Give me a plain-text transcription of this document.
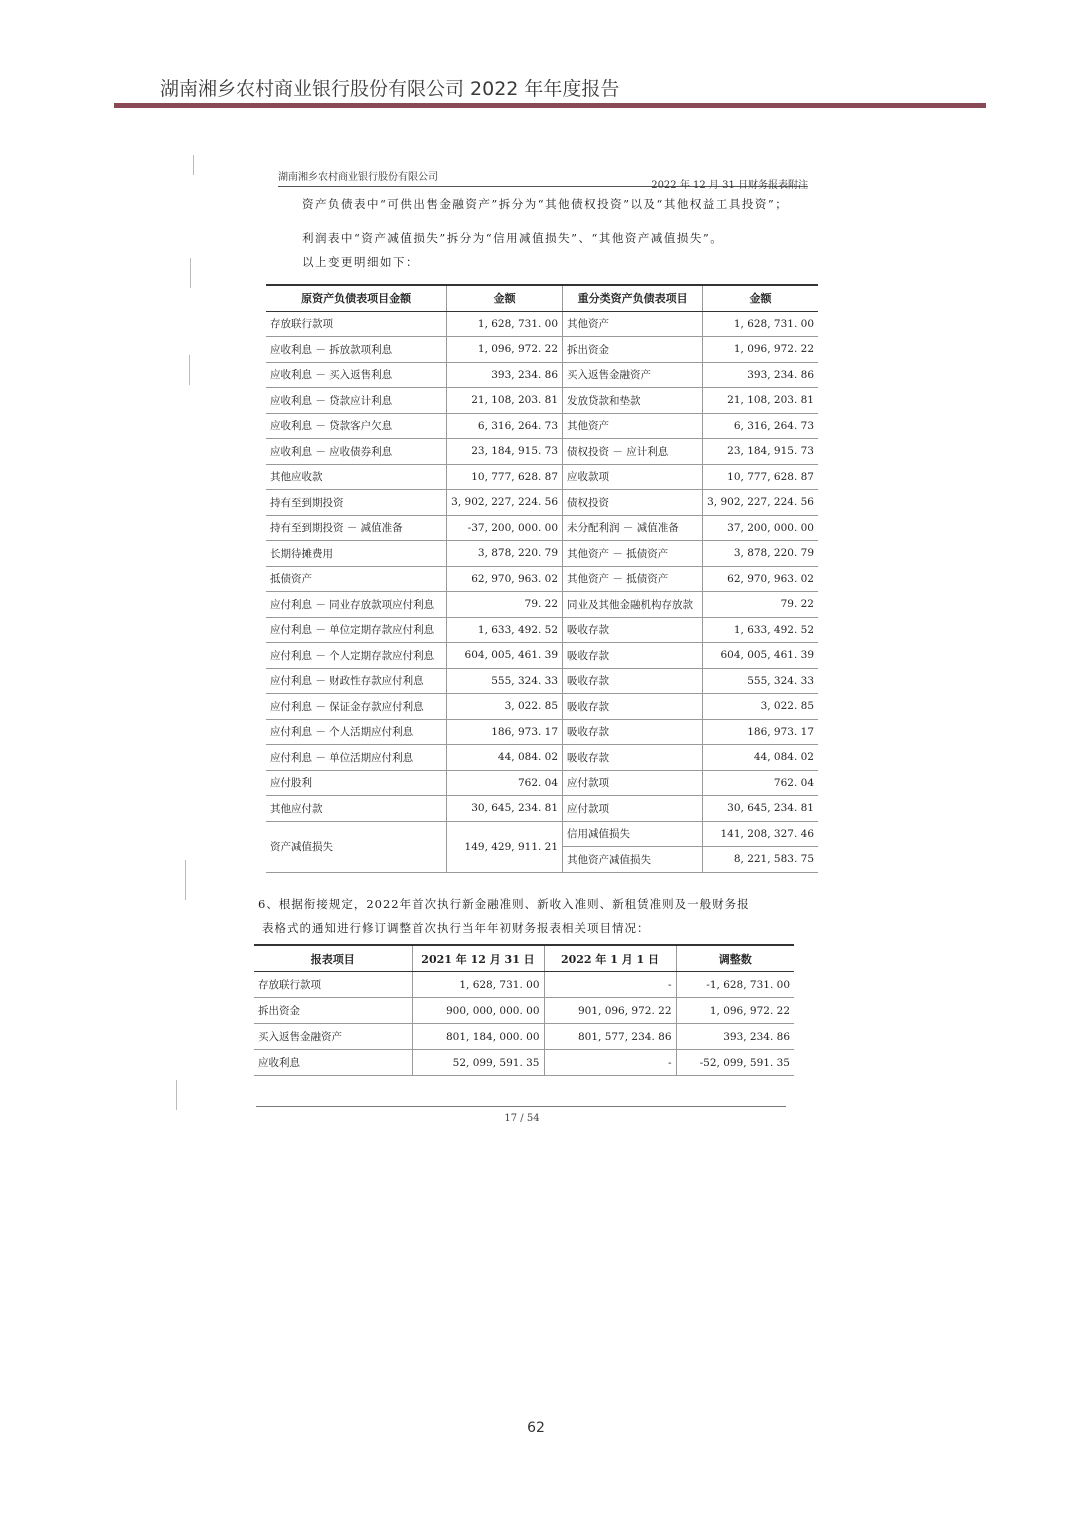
湖南湘乡农村商业银行股份有限公司 2022 年年度报告
湖南湘乡农村商业银行股份有限公司
2022 年 12 月 31 日财务报表附注
资产负债表中“可供出售金融资产”拆分为“其他债权投资”以及“其他权益工具投资”；
利润表中“资产减值损失”拆分为“信用减值损失”、“其他资产减值损失”。
以上变更明细如下：
原资产负债表项目金额	金额	重分类资产负债表项目	金额
存放联行款项	1, 628, 731. 00	其他资产	1, 628, 731. 00
应收利息 － 拆放款项利息	1, 096, 972. 22	拆出资金	1, 096, 972. 22
应收利息 － 买入返售利息	393, 234. 86	买入返售金融资产	393, 234. 86
应收利息 － 贷款应计利息	21, 108, 203. 81	发放贷款和垫款	21, 108, 203. 81
应收利息 － 贷款客户欠息	6, 316, 264. 73	其他资产	6, 316, 264. 73
应收利息 － 应收债券利息	23, 184, 915. 73	债权投资 － 应计利息	23, 184, 915. 73
其他应收款	10, 777, 628. 87	应收款项	10, 777, 628. 87
持有至到期投资	3, 902, 227, 224. 56	债权投资	3, 902, 227, 224. 56
持有至到期投资 － 减值准备	-37, 200, 000. 00	未分配利润 － 减值准备	37, 200, 000. 00
长期待摊费用	3, 878, 220. 79	其他资产 － 抵债资产	3, 878, 220. 79
抵债资产	62, 970, 963. 02	其他资产 － 抵债资产	62, 970, 963. 02
应付利息 － 同业存放款项应付利息	79. 22	同业及其他金融机构存放款	79. 22
应付利息 － 单位定期存款应付利息	1, 633, 492. 52	吸收存款	1, 633, 492. 52
应付利息 － 个人定期存款应付利息	604, 005, 461. 39	吸收存款	604, 005, 461. 39
应付利息 － 财政性存款应付利息	555, 324. 33	吸收存款	555, 324. 33
应付利息 － 保证金存款应付利息	3, 022. 85	吸收存款	3, 022. 85
应付利息 － 个人活期应付利息	186, 973. 17	吸收存款	186, 973. 17
应付利息 － 单位活期应付利息	44, 084. 02	吸收存款	44, 084. 02
应付股利	762. 04	应付款项	762. 04
其他应付款	30, 645, 234. 81	应付款项	30, 645, 234. 81
资产减值损失	149, 429, 911. 21	信用减值损失	141, 208, 327. 46
		其他资产减值损失	8, 221, 583. 75
6、根据衔接规定，2022年首次执行新金融准则、新收入准则、新租赁准则及一般财务报
表格式的通知进行修订调整首次执行当年年初财务报表相关项目情况：
报表项目	2021 年 12 月 31 日	2022 年 1 月 1 日	调整数
存放联行款项	1, 628, 731. 00	-	-1, 628, 731. 00
拆出资金	900, 000, 000. 00	901, 096, 972. 22	1, 096, 972. 22
买入返售金融资产	801, 184, 000. 00	801, 577, 234. 86	393, 234. 86
应收利息	52, 099, 591. 35	-	-52, 099, 591. 35
17 / 54
62
